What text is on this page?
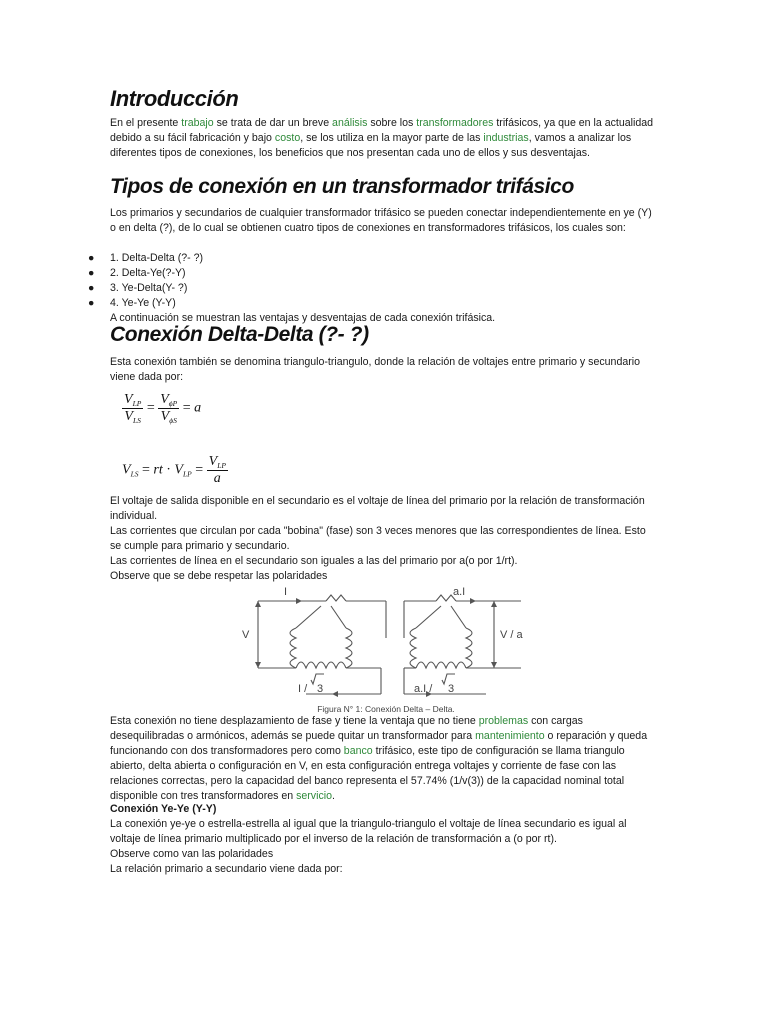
Introducción

En el presente trabajo se trata de dar un breve análisis sobre los transformadores trifásicos, ya que en la actualidad debido a su fácil fabricación y bajo costo, se los utiliza en la mayor parte de las industrias, vamos a analizar los diferentes tipos de conexiones, los beneficios que nos presentan cada uno de ellos y sus desventajas.

Tipos de conexión en un transformador trifásico

Los primarios y secundarios de cualquier transformador trifásico se pueden conectar independientemente en ye (Y) o en delta (?), de lo cual se obtienen cuatro tipos de conexiones en transformadores trifásicos, los cuales son:

● 1. Delta-Delta (?- ?)
● 2. Delta-Ye(?-Y)
● 3. Ye-Delta(Y- ?)
● 4. Ye-Ye (Y-Y)

A continuación se muestran las ventajas y desventajas de cada conexión trifásica.

Conexión Delta-Delta (?- ?)

Esta conexión también se denomina triangulo-triangulo, donde la relación de voltajes entre primario y secundario viene dada por:

$\frac{V_{LP}}{V_{LS}} = \frac{V_{\phi P}}{V_{\phi S}} = a$
$V_{LS}$ = rt · $V_{LP} = \frac{V_{LP}}{a}$

El voltaje de salida disponible en el secundario es el voltaje de línea del primario por la relación de transformación individual.

Las corrientes que circulan por cada "bobina" (fase) son 3 veces menores que las correspondientes de línea. Esto se cumple para primario y secundario.

Las corrientes de línea en el secundario son iguales a las del primario por a(o por 1/rt).

Observe que se debe respetar las polaridades

I	a.I
V	V / a
I / 3	a.I / 3
Figura N° 1: Conexión Delta – Delta.

Esta conexión no tiene desplazamiento de fase y tiene la ventaja que no tiene problemas con cargas desequilibradas o armónicos, además se puede quitar un transformador para mantenimiento o reparación y queda funcionando con dos transformadores pero como banco trifásico, este tipo de configuración se llama triangulo abierto, delta abierta o configuración en V, en esta configuración entrega voltajes y corriente de fase con las relaciones correctas, pero la capacidad del banco representa el 57.74% (1/v(3)) de la capacidad nominal total disponible con tres transformadores en servicio.

Conexión Ye-Ye (Y-Y)

La conexión ye-ye o estrella-estrella al igual que la triangulo-triangulo el voltaje de línea secundario es igual al voltaje de línea primario multiplicado por el inverso de la relación de transformación a (o por rt).

Observe como van las polaridades

La relación primario a secundario viene dada por:
